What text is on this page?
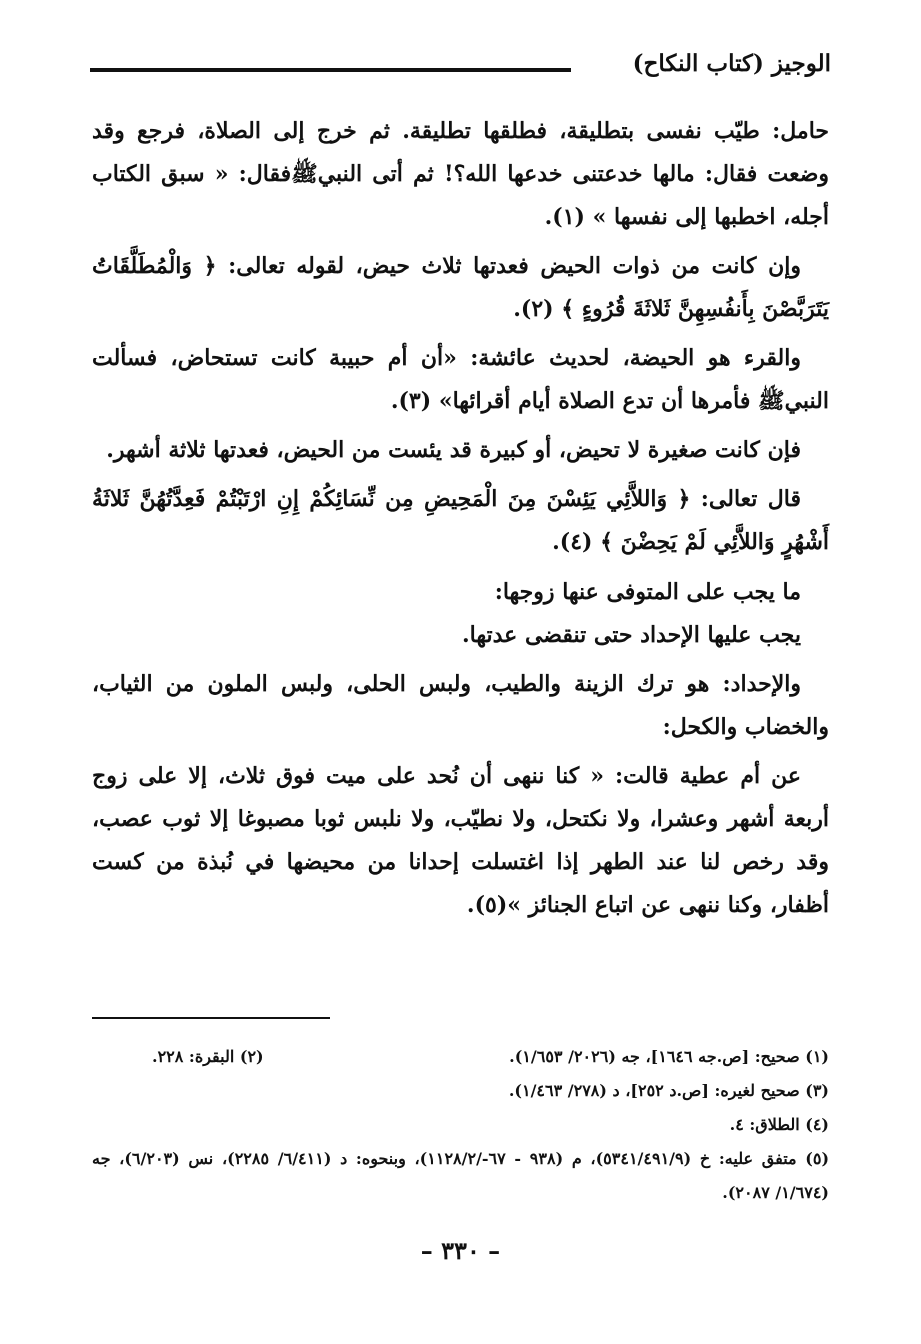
الوجيز (كتاب النكاح)

حامل: طيّب نفسى بتطليقة، فطلقها تطليقة. ثم خرج إلى الصلاة، فرجع وقد وضعت فقال: مالها خدعتنى خدعها الله؟! ثم أتى النبيﷺفقال: « سبق الكتاب أجله، اخطبها إلى نفسها » (١).

وإن كانت من ذوات الحيض فعدتها ثلاث حيض، لقوله تعالى: ﴿ وَالْمُطَلَّقَاتُ يَتَرَبَّصْنَ بِأَنفُسِهِنَّ ثَلاثَةَ قُرُوءٍ ﴾ (٢).

والقرء هو الحيضة، لحديث عائشة: «أن أم حبيبة كانت تستحاض، فسألت النبيﷺ فأمرها أن تدع الصلاة أيام أقرائها» (٣).

فإن كانت صغيرة لا تحيض، أو كبيرة قد يئست من الحيض، فعدتها ثلاثة أشهر.

قال تعالى: ﴿ وَاللاَّئِي يَئِسْنَ مِنَ الْمَحِيضِ مِن نِّسَائِكُمْ إِنِ ارْتَبْتُمْ فَعِدَّتُهُنَّ ثَلاثَةُ أَشْهُرٍ وَاللاَّئِي لَمْ يَحِضْنَ ﴾ (٤).

ما يجب على المتوفى عنها زوجها:

يجب عليها الإحداد حتى تنقضى عدتها.

والإحداد: هو ترك الزينة والطيب، ولبس الحلى، ولبس الملون من الثياب، والخضاب والكحل:

عن أم عطية قالت: « كنا ننهى أن نُحد على ميت فوق ثلاث، إلا على زوج أربعة أشهر وعشرا، ولا نكتحل، ولا نطيّب، ولا نلبس ثوبا مصبوغا إلا ثوب عصب، وقد رخص لنا عند الطهر إذا اغتسلت إحدانا من محيضها في نُبذة من كست أظفار، وكنا ننهى عن اتباع الجنائز »(٥).

(١) صحيح: [ص.جه ١٦٤٦]، جه (٢٠٢٦/ ١/٦٥٣).
(٢) البقرة: ٢٢٨.
(٣) صحيح لغيره: [ص.د ٢٥٢]، د (٢٧٨/ ١/٤٦٣).
(٤) الطلاق: ٤.
(٥) متفق عليه: خ (٥٣٤١/٤٩١/٩)، م (٩٣٨ - ٦٧-/١١٢٨/٢)، وبنحوه: د (٦/٤١١/ ٢٢٨٥)، نس (٦/٢٠٣)، جه (١/٦٧٤/ ٢٠٨٧).
– ٣٣٠ –
